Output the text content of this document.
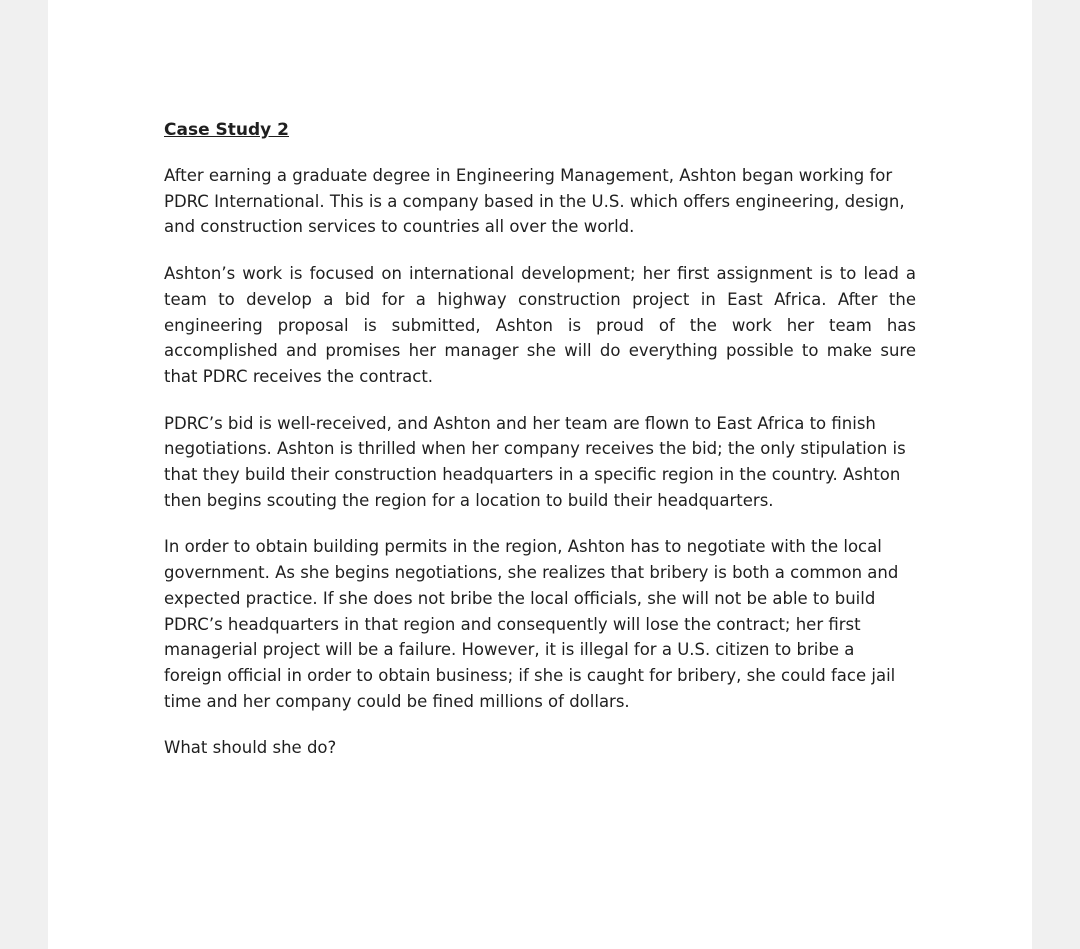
Case Study 2

After earning a graduate degree in Engineering Management, Ashton began working for PDRC International. This is a company based in the U.S. which offers engineering, design, and construction services to countries all over the world.

Ashton’s work is focused on international development; her first assignment is to lead a team to develop a bid for a highway construction project in East Africa. After the engineering proposal is submitted, Ashton is proud of the work her team has accomplished and promises her manager she will do everything possible to make sure that PDRC receives the contract.

PDRC’s bid is well-received, and Ashton and her team are flown to East Africa to finish negotiations. Ashton is thrilled when her company receives the bid; the only stipulation is that they build their construction headquarters in a specific region in the country. Ashton then begins scouting the region for a location to build their headquarters.

In order to obtain building permits in the region, Ashton has to negotiate with the local government. As she begins negotiations, she realizes that bribery is both a common and expected practice. If she does not bribe the local officials, she will not be able to build PDRC’s headquarters in that region and consequently will lose the contract; her first managerial project will be a failure. However, it is illegal for a U.S. citizen to bribe a foreign official in order to obtain business; if she is caught for bribery, she could face jail time and her company could be fined millions of dollars.

What should she do?
